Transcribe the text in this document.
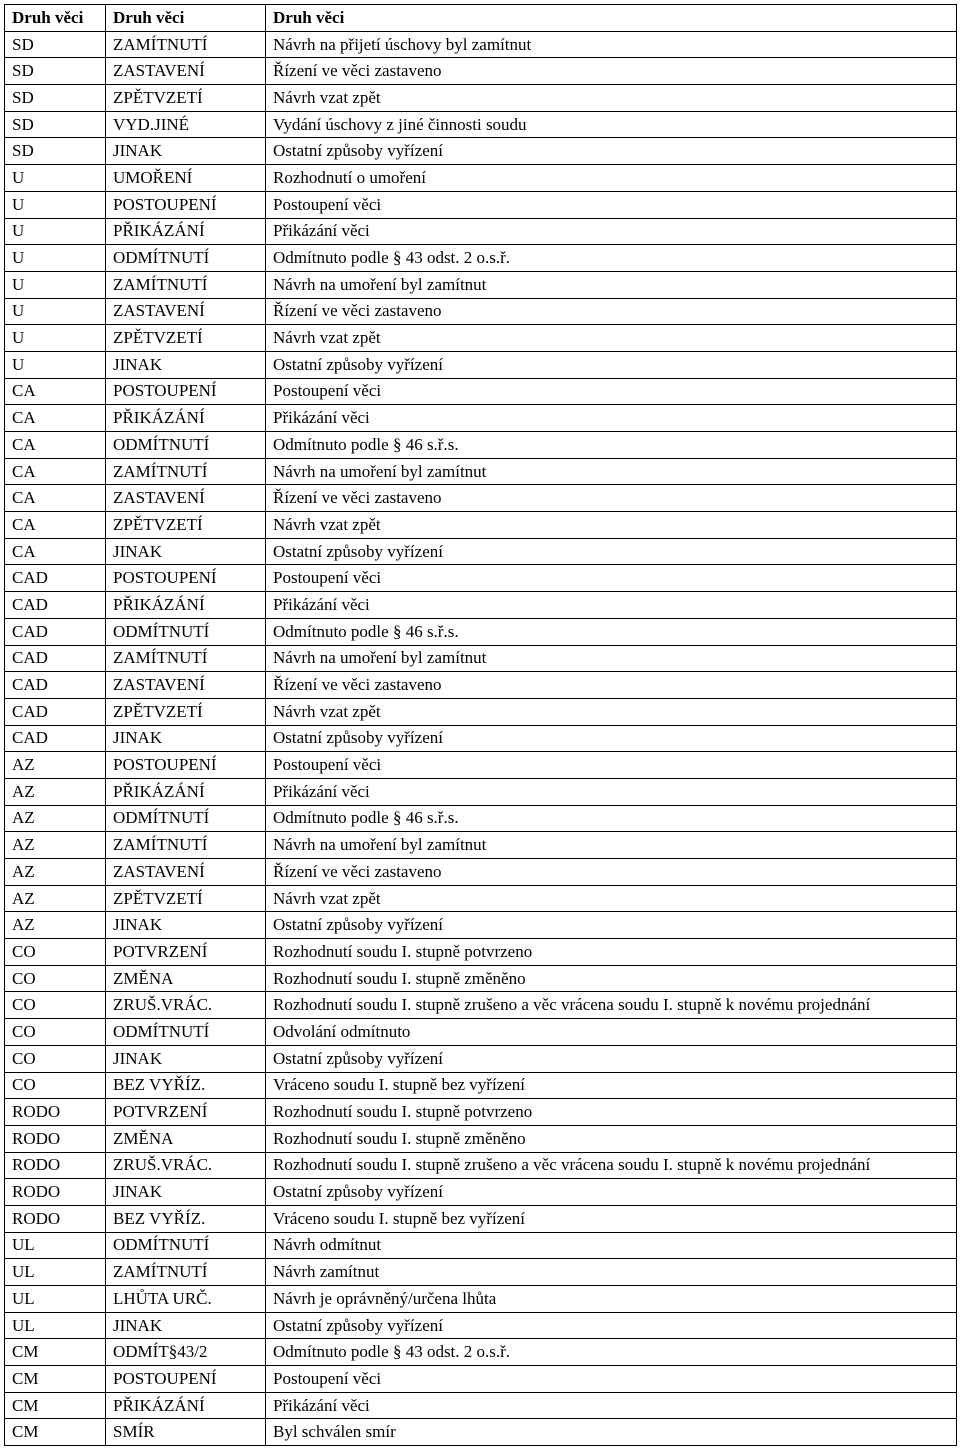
Druh věci	Druh věci	Druh věci
SD	ZAMÍTNUTÍ	Návrh na přijetí úschovy byl zamítnut
SD	ZASTAVENÍ	Řízení ve věci zastaveno
SD	ZPĚTVZETÍ	Návrh vzat zpět
SD	VYD.JINÉ	Vydání úschovy z jiné činnosti soudu
SD	JINAK	Ostatní způsoby vyřízení
U	UMOŘENÍ	Rozhodnutí o umoření
U	POSTOUPENÍ	Postoupení věci
U	PŘIKÁZÁNÍ	Přikázání věci
U	ODMÍTNUTÍ	Odmítnuto podle § 43 odst. 2 o.s.ř.
U	ZAMÍTNUTÍ	Návrh na umoření byl zamítnut
U	ZASTAVENÍ	Řízení ve věci zastaveno
U	ZPĚTVZETÍ	Návrh vzat zpět
U	JINAK	Ostatní způsoby vyřízení
CA	POSTOUPENÍ	Postoupení věci
CA	PŘIKÁZÁNÍ	Přikázání věci
CA	ODMÍTNUTÍ	Odmítnuto podle § 46 s.ř.s.
CA	ZAMÍTNUTÍ	Návrh na umoření byl zamítnut
CA	ZASTAVENÍ	Řízení ve věci zastaveno
CA	ZPĚTVZETÍ	Návrh vzat zpět
CA	JINAK	Ostatní způsoby vyřízení
CAD	POSTOUPENÍ	Postoupení věci
CAD	PŘIKÁZÁNÍ	Přikázání věci
CAD	ODMÍTNUTÍ	Odmítnuto podle § 46 s.ř.s.
CAD	ZAMÍTNUTÍ	Návrh na umoření byl zamítnut
CAD	ZASTAVENÍ	Řízení ve věci zastaveno
CAD	ZPĚTVZETÍ	Návrh vzat zpět
CAD	JINAK	Ostatní způsoby vyřízení
AZ	POSTOUPENÍ	Postoupení věci
AZ	PŘIKÁZÁNÍ	Přikázání věci
AZ	ODMÍTNUTÍ	Odmítnuto podle § 46 s.ř.s.
AZ	ZAMÍTNUTÍ	Návrh na umoření byl zamítnut
AZ	ZASTAVENÍ	Řízení ve věci zastaveno
AZ	ZPĚTVZETÍ	Návrh vzat zpět
AZ	JINAK	Ostatní způsoby vyřízení
CO	POTVRZENÍ	Rozhodnutí soudu I. stupně potvrzeno
CO	ZMĚNA	Rozhodnutí soudu I. stupně změněno
CO	ZRUŠ.VRÁC.	Rozhodnutí soudu I. stupně zrušeno a věc vrácena soudu I. stupně k novému projednání
CO	ODMÍTNUTÍ	Odvolání odmítnuto
CO	JINAK	Ostatní způsoby vyřízení
CO	BEZ VYŘÍZ.	Vráceno soudu I. stupně bez vyřízení
RODO	POTVRZENÍ	Rozhodnutí soudu I. stupně potvrzeno
RODO	ZMĚNA	Rozhodnutí soudu I. stupně změněno
RODO	ZRUŠ.VRÁC.	Rozhodnutí soudu I. stupně zrušeno a věc vrácena soudu I. stupně k novému projednání
RODO	JINAK	Ostatní způsoby vyřízení
RODO	BEZ VYŘÍZ.	Vráceno soudu I. stupně bez vyřízení
UL	ODMÍTNUTÍ	Návrh odmítnut
UL	ZAMÍTNUTÍ	Návrh zamítnut
UL	LHŮTA URČ.	Návrh je oprávněný/určena lhůta
UL	JINAK	Ostatní způsoby vyřízení
CM	ODMÍT§43/2	Odmítnuto podle § 43 odst. 2 o.s.ř.
CM	POSTOUPENÍ	Postoupení věci
CM	PŘIKÁZÁNÍ	Přikázání věci
CM	SMÍR	Byl schválen smír
